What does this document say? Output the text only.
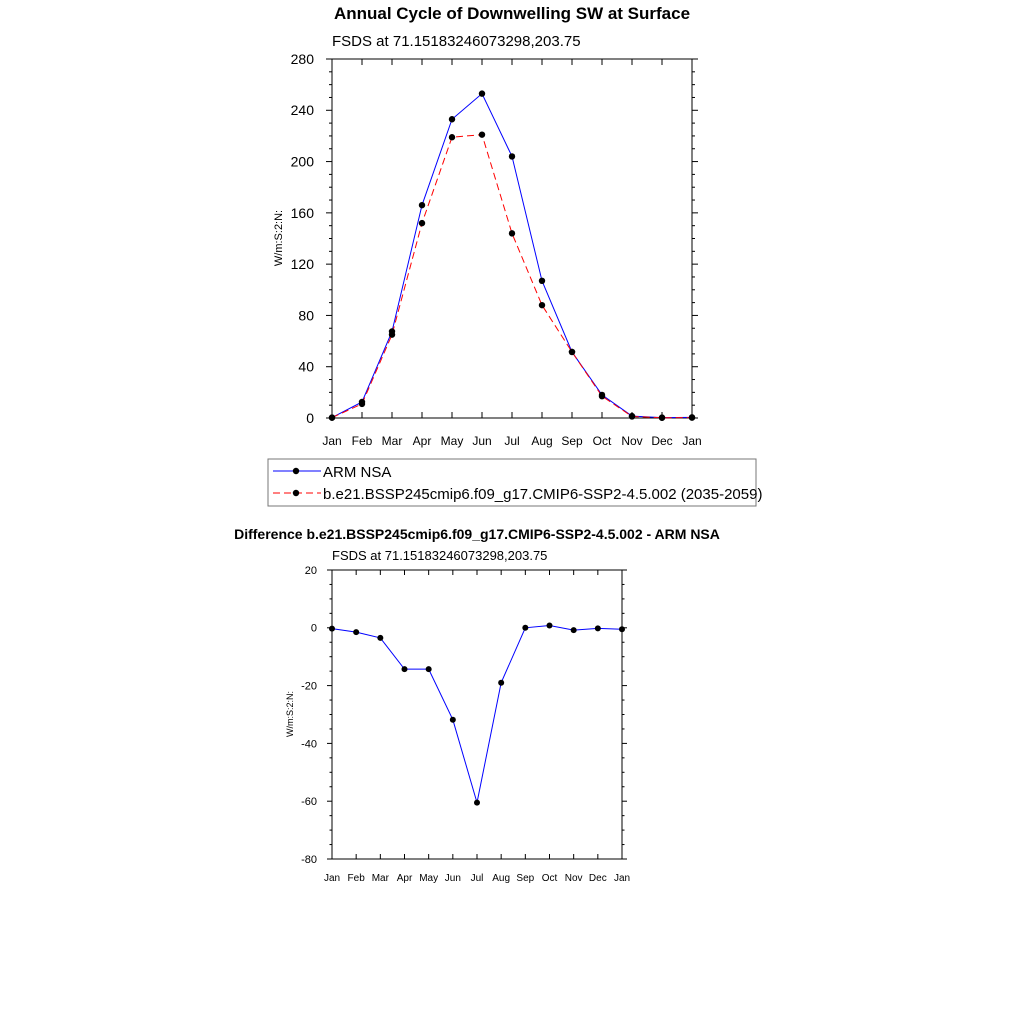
Annual Cycle of Downwelling SW at Surface
FSDS at 71.15183246073298,203.75
W/m:S:2:N:
Jan Feb Mar Apr May Jun Jul Aug Sep Oct Nov Dec Jan
0
40
80
120
160
200
240
280
ARM NSA
b.e21.BSSP245cmip6.f09_g17.CMIP6-SSP2-4.5.002 (2035-2059)
Difference b.e21.BSSP245cmip6.f09_g17.CMIP6-SSP2-4.5.002 - ARM NSA
FSDS at 71.15183246073298,203.75
W/m:S:2:N:
Jan Feb Mar Apr May Jun Jul Aug Sep Oct Nov Dec Jan
-80
-60
-40
-20
0
20
